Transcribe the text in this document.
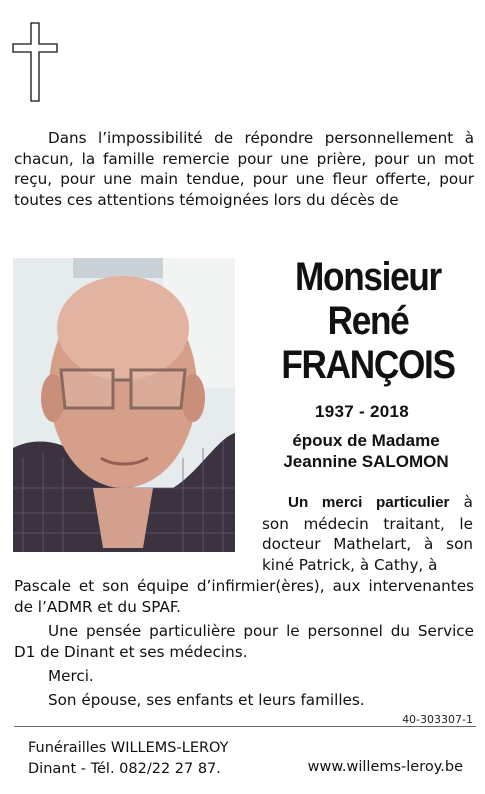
Dans l’impossibilité de répondre personnellement à chacun, la famille remercie pour une prière, pour un mot reçu, pour une main tendue, pour une fleur offerte, pour toutes ces attentions témoignées lors du décès de

Monsieur
René
FRANÇOIS
1937 - 2018
époux de Madame
Jeannine SALOMON

Un merci particulier à son médecin traitant, le docteur Mathelart, à son kiné Patrick, à Cathy, à

Pascale et son équipe d’infirmier(ères), aux intervenantes de l’ADMR et du SPAF.

Une pensée particulière pour le personnel du Service D1 de Dinant et ses médecins.

Merci.

Son épouse, ses enfants et leurs familles.

40-303307-1

Funérailles WILLEMS-LEROY
Dinant - Tél. 082/22 27 87.	www.willems-leroy.be
